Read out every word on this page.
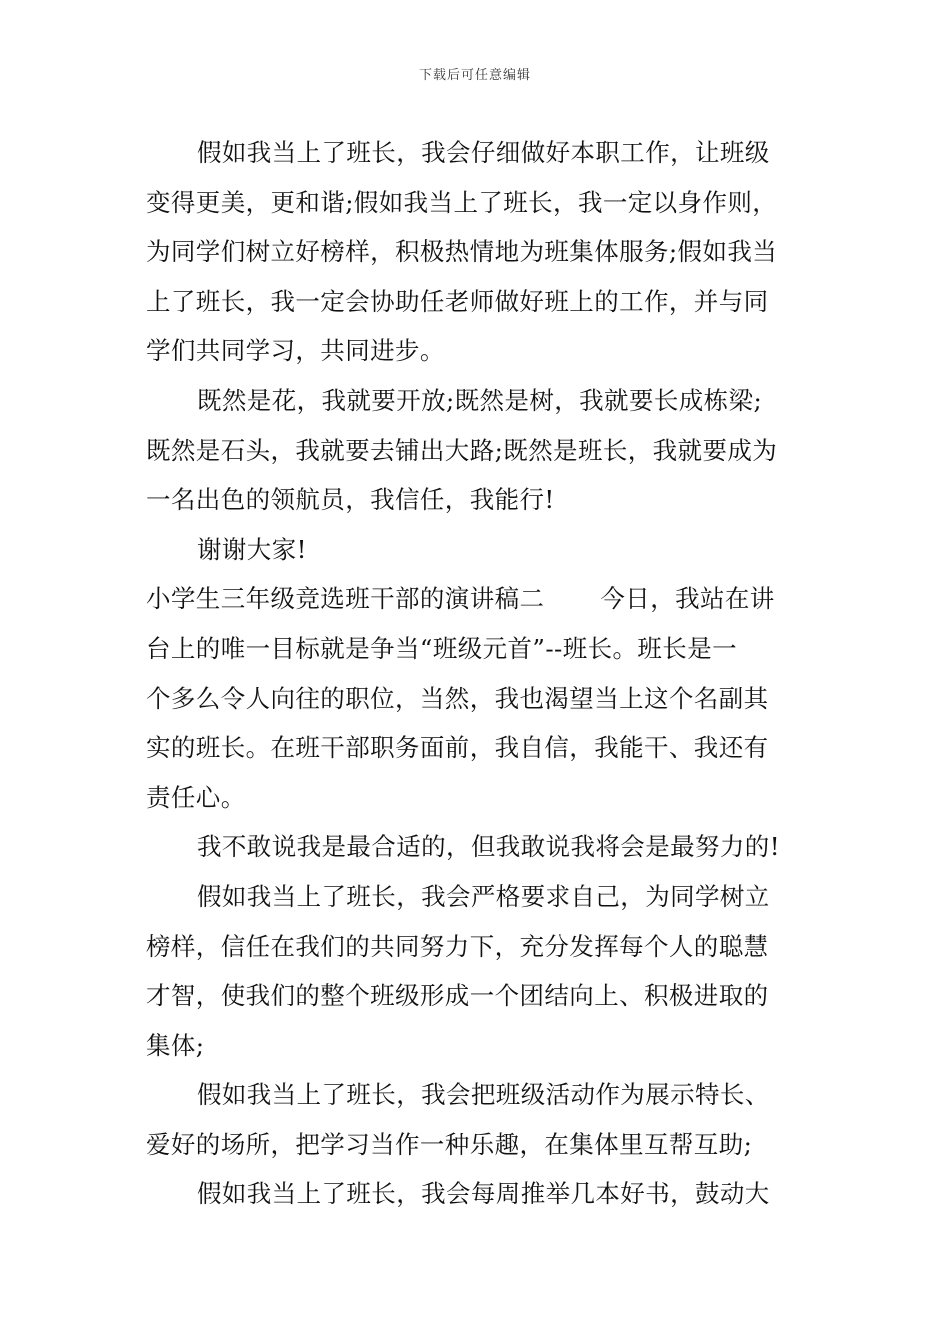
下载后可任意编辑
假如我当上了班长，我会仔细做好本职工作，让班级
变得更美，更和谐;假如我当上了班长，我一定以身作则，
为同学们树立好榜样，积极热情地为班集体服务;假如我当
上了班长，我一定会协助任老师做好班上的工作，并与同
学们共同学习，共同进步。
既然是花，我就要开放;既然是树，我就要长成栋梁;
既然是石头，我就要去铺出大路;既然是班长，我就要成为
一名出色的领航员，我信任，我能行!
谢谢大家!
小学生三年级竞选班干部的演讲稿二 今日，我站在讲
台上的唯一目标就是争当“班级元首”--班长。班长是一
个多么令人向往的职位，当然，我也渴望当上这个名副其
实的班长。在班干部职务面前，我自信，我能干、我还有
责任心。
我不敢说我是最合适的，但我敢说我将会是最努力的!
假如我当上了班长，我会严格要求自己，为同学树立
榜样，信任在我们的共同努力下，充分发挥每个人的聪慧
才智，使我们的整个班级形成一个团结向上、积极进取的
集体;
假如我当上了班长，我会把班级活动作为展示特长、
爱好的场所，把学习当作一种乐趣，在集体里互帮互助;
假如我当上了班长，我会每周推举几本好书，鼓动大
